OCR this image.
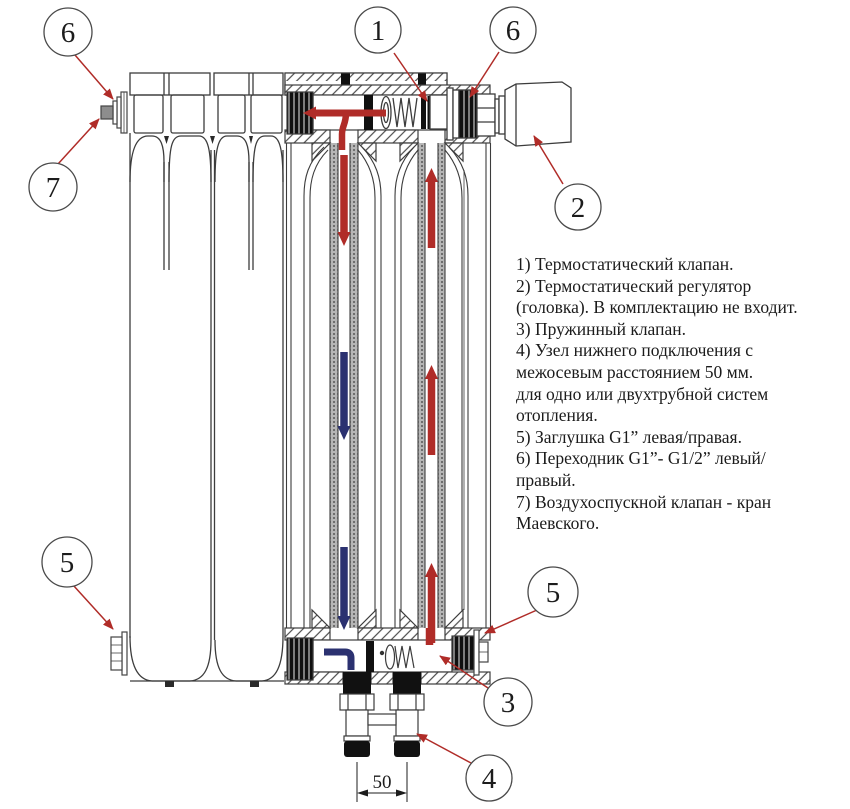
50
6
7
1	6
2
5
5
3
4
1) Термостатический клапан.
2) Термостатический регулятор
(головка). В комплектацию не входит.
3) Пружинный клапан.
4) Узел нижнего подключения с
межосевым расстоянием 50 мм.
для одно или двухтрубной систем
отопления.
5) Заглушка G1” левая/правая.
6) Переходник G1”- G1/2” левый/
правый.
7) Воздухоспускной клапан - кран
Маевского.
